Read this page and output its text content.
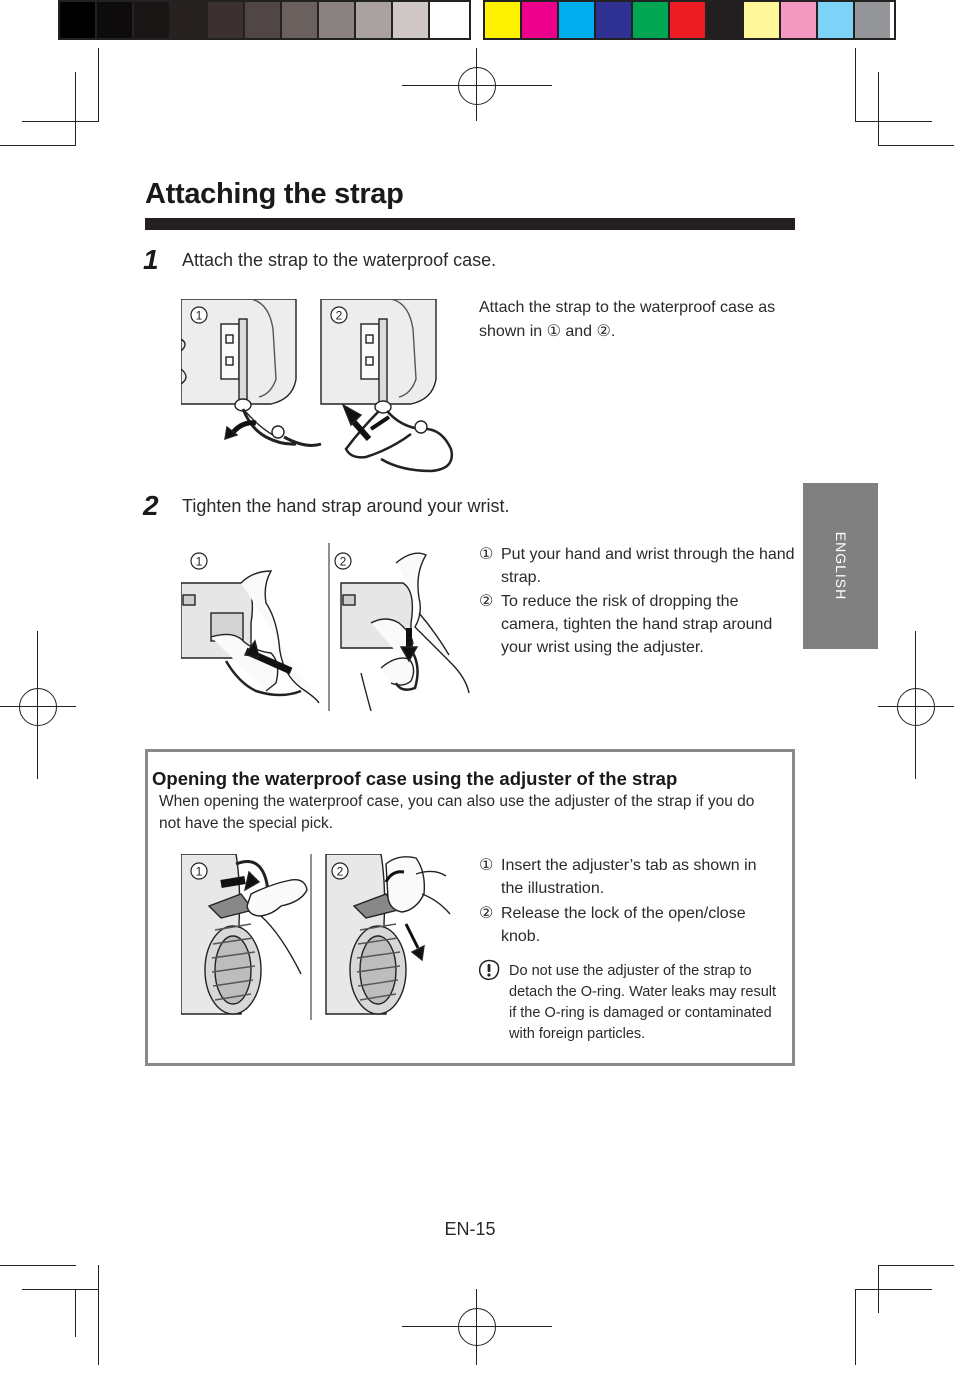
Attaching the strap
ENGLISH
1 Attach the strap to the waterproof case.
Attach the strap to the waterproof case as shown in ① and ②.
1	2
2 Tighten the hand strap around your wrist.
① Put your hand and wrist through the hand strap.
② To reduce the risk of dropping the camera, tighten the hand strap around your wrist using the adjuster.
1	2
Opening the waterproof case using the adjuster of the strap
When opening the waterproof case, you can also use the adjuster of the strap if you do not have the special pick.
1	2	① Insert the adjuster’s tab as shown in the illustration.
② Release the lock of the open/close knob.
Do not use the adjuster of the strap to detach the O-ring. Water leaks may result if the O-ring is damaged or contaminated with foreign particles.
EN-15
